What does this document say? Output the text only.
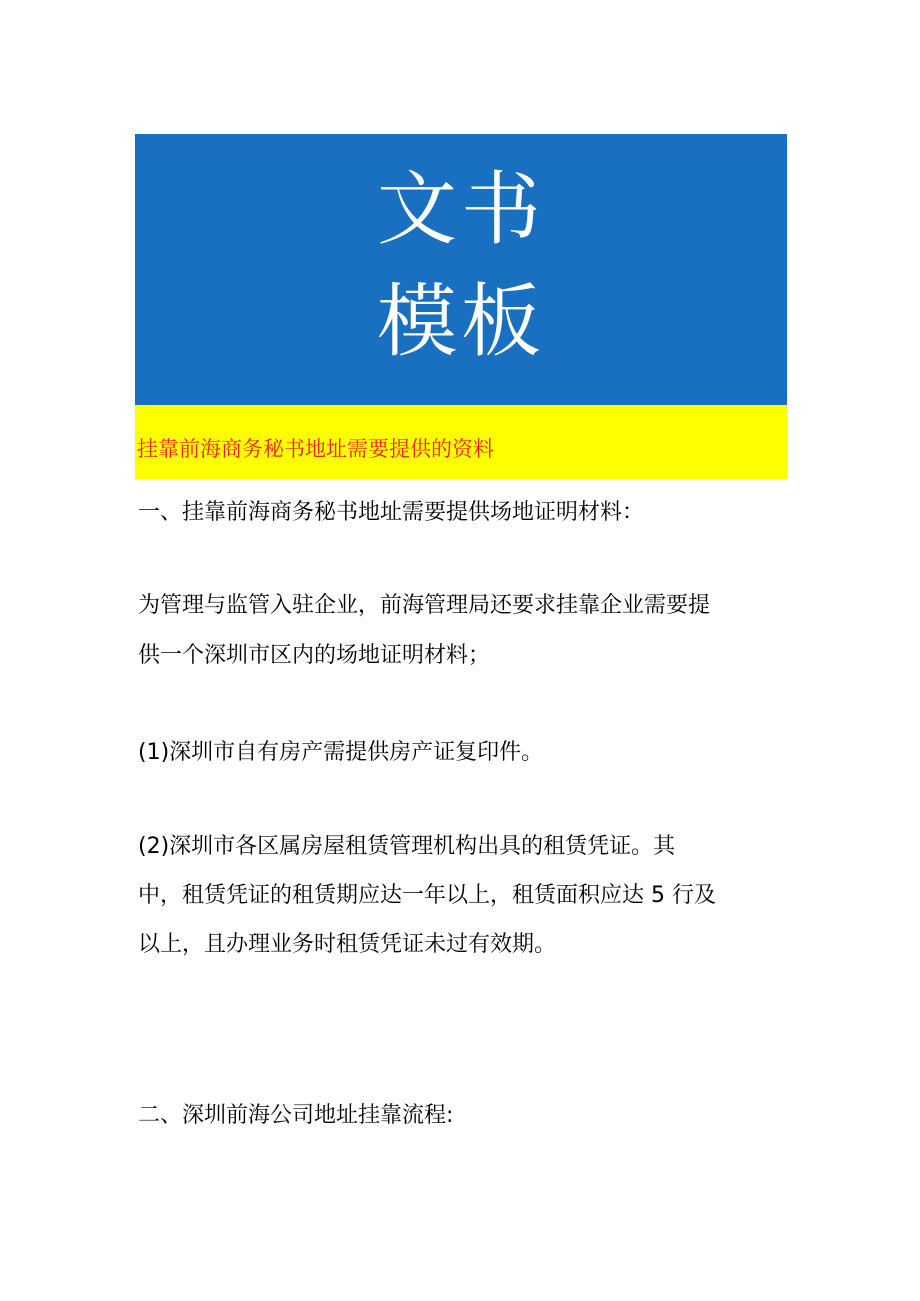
文书
模板
挂靠前海商务秘书地址需要提供的资料
一、挂靠前海商务秘书地址需要提供场地证明材料：
为管理与监管入驻企业，前海管理局还要求挂靠企业需要提
供一个深圳市区内的场地证明材料；
(1)深圳市自有房产需提供房产证复印件。
(2)深圳市各区属房屋租赁管理机构出具的租赁凭证。其
中，租赁凭证的租赁期应达一年以上，租赁面积应达 5 行及
以上，且办理业务时租赁凭证未过有效期。
二、深圳前海公司地址挂靠流程:
